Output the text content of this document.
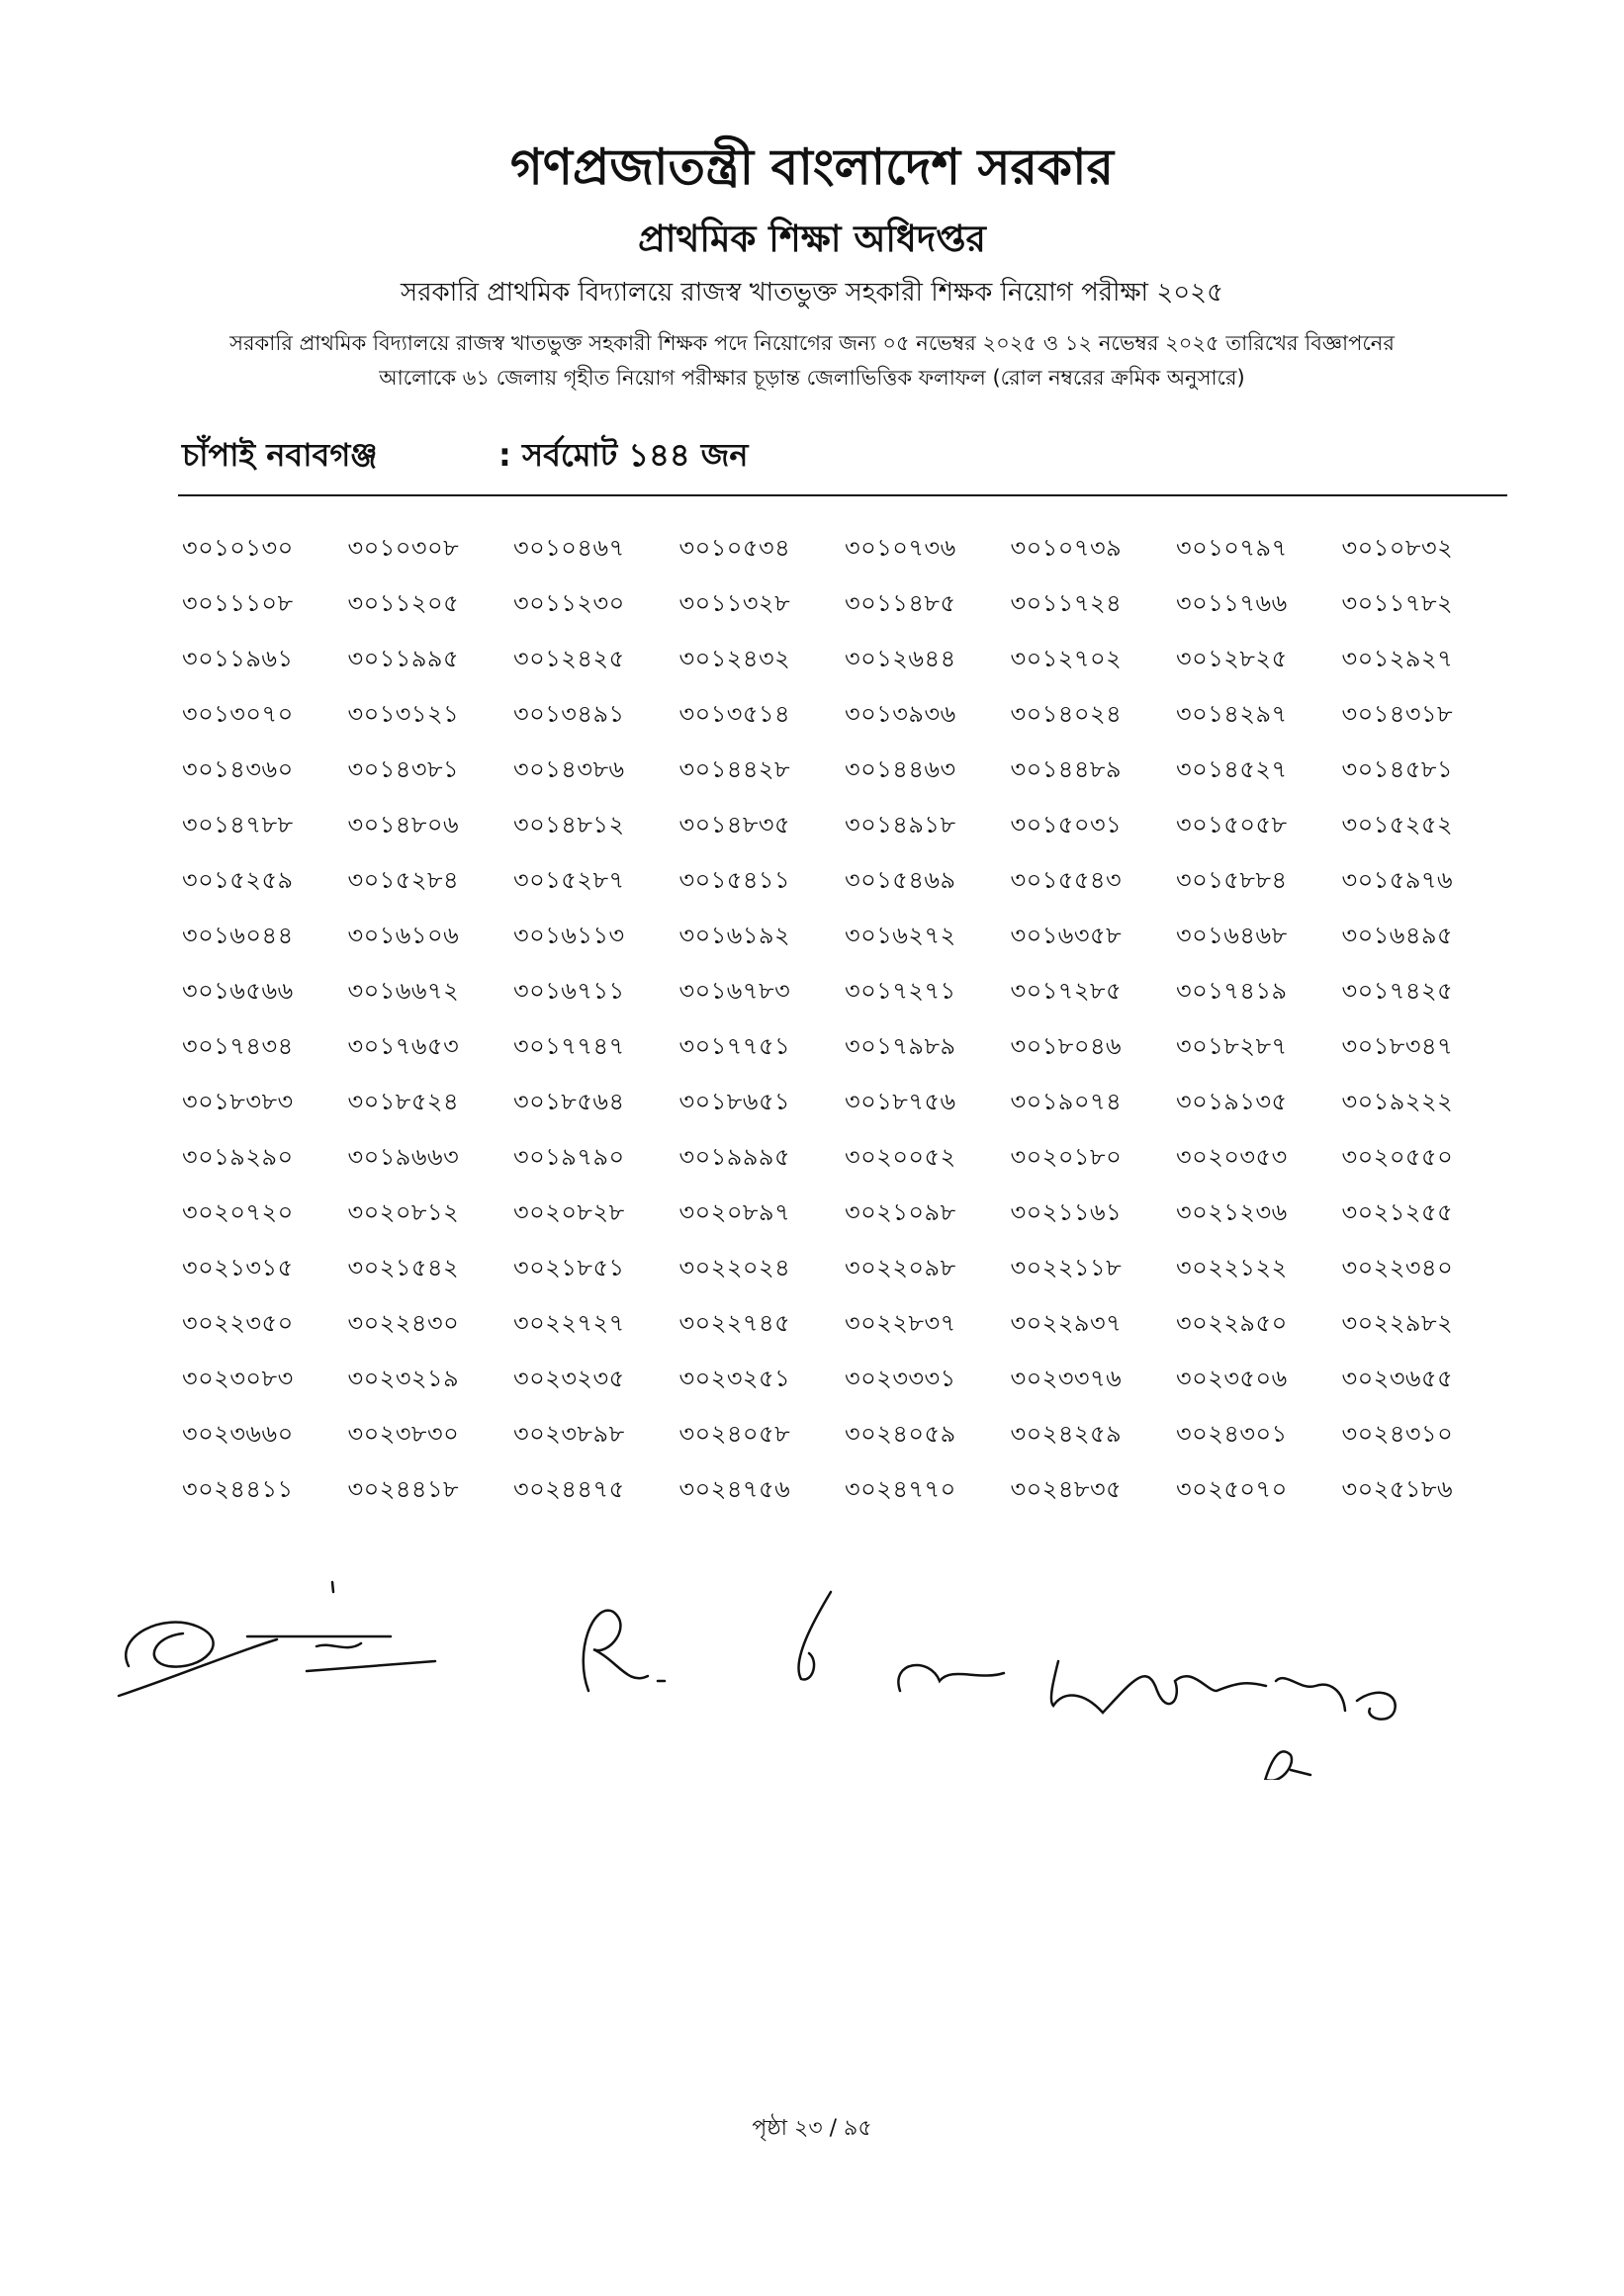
গণপ্রজাতন্ত্রী বাংলাদেশ সরকার
প্রাথমিক শিক্ষা অধিদপ্তর

সরকারি প্রাথমিক বিদ্যালয়ে রাজস্ব খাতভুক্ত সহকারী শিক্ষক নিয়োগ পরীক্ষা ২০২৫

সরকারি প্রাথমিক বিদ্যালয়ে রাজস্ব খাতভুক্ত সহকারী শিক্ষক পদে নিয়োগের জন্য ০৫ নভেম্বর ২০২৫ ও ১২ নভেম্বর ২০২৫ তারিখের বিজ্ঞাপনের
আলোকে ৬১ জেলায় গৃহীত নিয়োগ পরীক্ষার চূড়ান্ত জেলাভিত্তিক ফলাফল (রোল নম্বরের ক্রমিক অনুসারে)
চাঁপাই নবাবগঞ্জ	: সর্বমোট ১৪৪ জন
৩০১০১৩০	৩০১০৩০৮	৩০১০৪৬৭	৩০১০৫৩৪	৩০১০৭৩৬	৩০১০৭৩৯	৩০১০৭৯৭	৩০১০৮৩২
৩০১১১০৮	৩০১১২০৫	৩০১১২৩০	৩০১১৩২৮	৩০১১৪৮৫	৩০১১৭২৪	৩০১১৭৬৬	৩০১১৭৮২
৩০১১৯৬১	৩০১১৯৯৫	৩০১২৪২৫	৩০১২৪৩২	৩০১২৬৪৪	৩০১২৭০২	৩০১২৮২৫	৩০১২৯২৭
৩০১৩০৭০	৩০১৩১২১	৩০১৩৪৯১	৩০১৩৫১৪	৩০১৩৯৩৬	৩০১৪০২৪	৩০১৪২৯৭	৩০১৪৩১৮
৩০১৪৩৬০	৩০১৪৩৮১	৩০১৪৩৮৬	৩০১৪৪২৮	৩০১৪৪৬৩	৩০১৪৪৮৯	৩০১৪৫২৭	৩০১৪৫৮১
৩০১৪৭৮৮	৩০১৪৮০৬	৩০১৪৮১২	৩০১৪৮৩৫	৩০১৪৯১৮	৩০১৫০৩১	৩০১৫০৫৮	৩০১৫২৫২
৩০১৫২৫৯	৩০১৫২৮৪	৩০১৫২৮৭	৩০১৫৪১১	৩০১৫৪৬৯	৩০১৫৫৪৩	৩০১৫৮৮৪	৩০১৫৯৭৬
৩০১৬০৪৪	৩০১৬১০৬	৩০১৬১১৩	৩০১৬১৯২	৩০১৬২৭২	৩০১৬৩৫৮	৩০১৬৪৬৮	৩০১৬৪৯৫
৩০১৬৫৬৬	৩০১৬৬৭২	৩০১৬৭১১	৩০১৬৭৮৩	৩০১৭২৭১	৩০১৭২৮৫	৩০১৭৪১৯	৩০১৭৪২৫
৩০১৭৪৩৪	৩০১৭৬৫৩	৩০১৭৭৪৭	৩০১৭৭৫১	৩০১৭৯৮৯	৩০১৮০৪৬	৩০১৮২৮৭	৩০১৮৩৪৭
৩০১৮৩৮৩	৩০১৮৫২৪	৩০১৮৫৬৪	৩০১৮৬৫১	৩০১৮৭৫৬	৩০১৯০৭৪	৩০১৯১৩৫	৩০১৯২২২
৩০১৯২৯০	৩০১৯৬৬৩	৩০১৯৭৯০	৩০১৯৯৯৫	৩০২০০৫২	৩০২০১৮০	৩০২০৩৫৩	৩০২০৫৫০
৩০২০৭২০	৩০২০৮১২	৩০২০৮২৮	৩০২০৮৯৭	৩০২১০৯৮	৩০২১১৬১	৩০২১২৩৬	৩০২১২৫৫
৩০২১৩১৫	৩০২১৫৪২	৩০২১৮৫১	৩০২২০২৪	৩০২২০৯৮	৩০২২১১৮	৩০২২১২২	৩০২২৩৪০
৩০২২৩৫০	৩০২২৪৩০	৩০২২৭২৭	৩০২২৭৪৫	৩০২২৮৩৭	৩০২২৯৩৭	৩০২২৯৫০	৩০২২৯৮২
৩০২৩০৮৩	৩০২৩২১৯	৩০২৩২৩৫	৩০২৩২৫১	৩০২৩৩৩১	৩০২৩৩৭৬	৩০২৩৫০৬	৩০২৩৬৫৫
৩০২৩৬৬০	৩০২৩৮৩০	৩০২৩৮৯৮	৩০২৪০৫৮	৩০২৪০৫৯	৩০২৪২৫৯	৩০২৪৩০১	৩০২৪৩১০
৩০২৪৪১১	৩০২৪৪১৮	৩০২৪৪৭৫	৩০২৪৭৫৬	৩০২৪৭৭০	৩০২৪৮৩৫	৩০২৫০৭০	৩০২৫১৮৬

পৃষ্ঠা ২৩ / ৯৫
